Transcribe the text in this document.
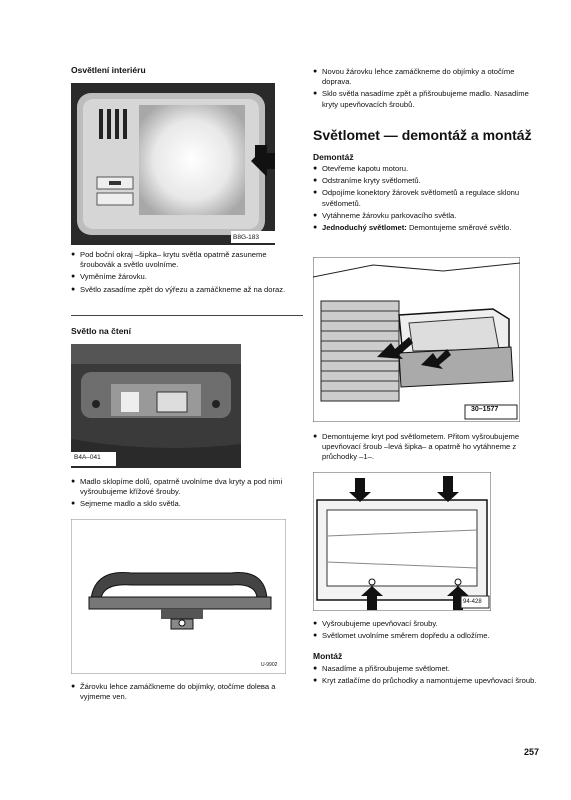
Osvětlení interiéru
B8G-183
● Pod boční okraj –šipka– krytu světla opatrně zasuneme šroubovák a světlo uvolníme.
● Vyměníme žárovku.
● Světlo zasadíme zpět do výřezu a zamáčkneme až na doraz.
Světlo na čtení
B4A–041
● Madlo sklopíme dolů, opatrně uvolníme dva kryty a pod nimi vyšroubujeme křížové šrouby.
● Sejmeme madlo a sklo světla.
U-9902
● Žárovku lehce zamáčkneme do objímky, otočíme dolева a vyjmeme ven.
● Novou žárovku lehce zamáčkneme do objímky a otočíme doprava.
● Sklo světla nasadíme zpět a přišroubujeme madlo. Nasadíme kryty upevňovacích šroubů.
Světlomet — demontáž a montáž
Demontáž
● Otevřeme kapotu motoru.
● Odstraníme kryty světlometů.
● Odpojíme konektory žárovek světlometů a regulace sklonu světlometů.
● Vytáhneme žárovku parkovacího světla.
● Jednoduchý světlomet: Demontujeme směrové světlo.
30–1577
● Demontujeme kryt pod světlometem. Přitom vyšroubujeme upevňovací šroub –levá šipka– a opatrně ho vytáhneme z průchodky –1–.
94-428
● Vyšroubujeme upevňovací šrouby.
● Světlomet uvolníme směrem dopředu a odložíme.
Montáž
● Nasadíme a přišroubujeme světlomet.
● Kryt zatlačíme do průchodky a namontujeme upevňovací šroub.
257
